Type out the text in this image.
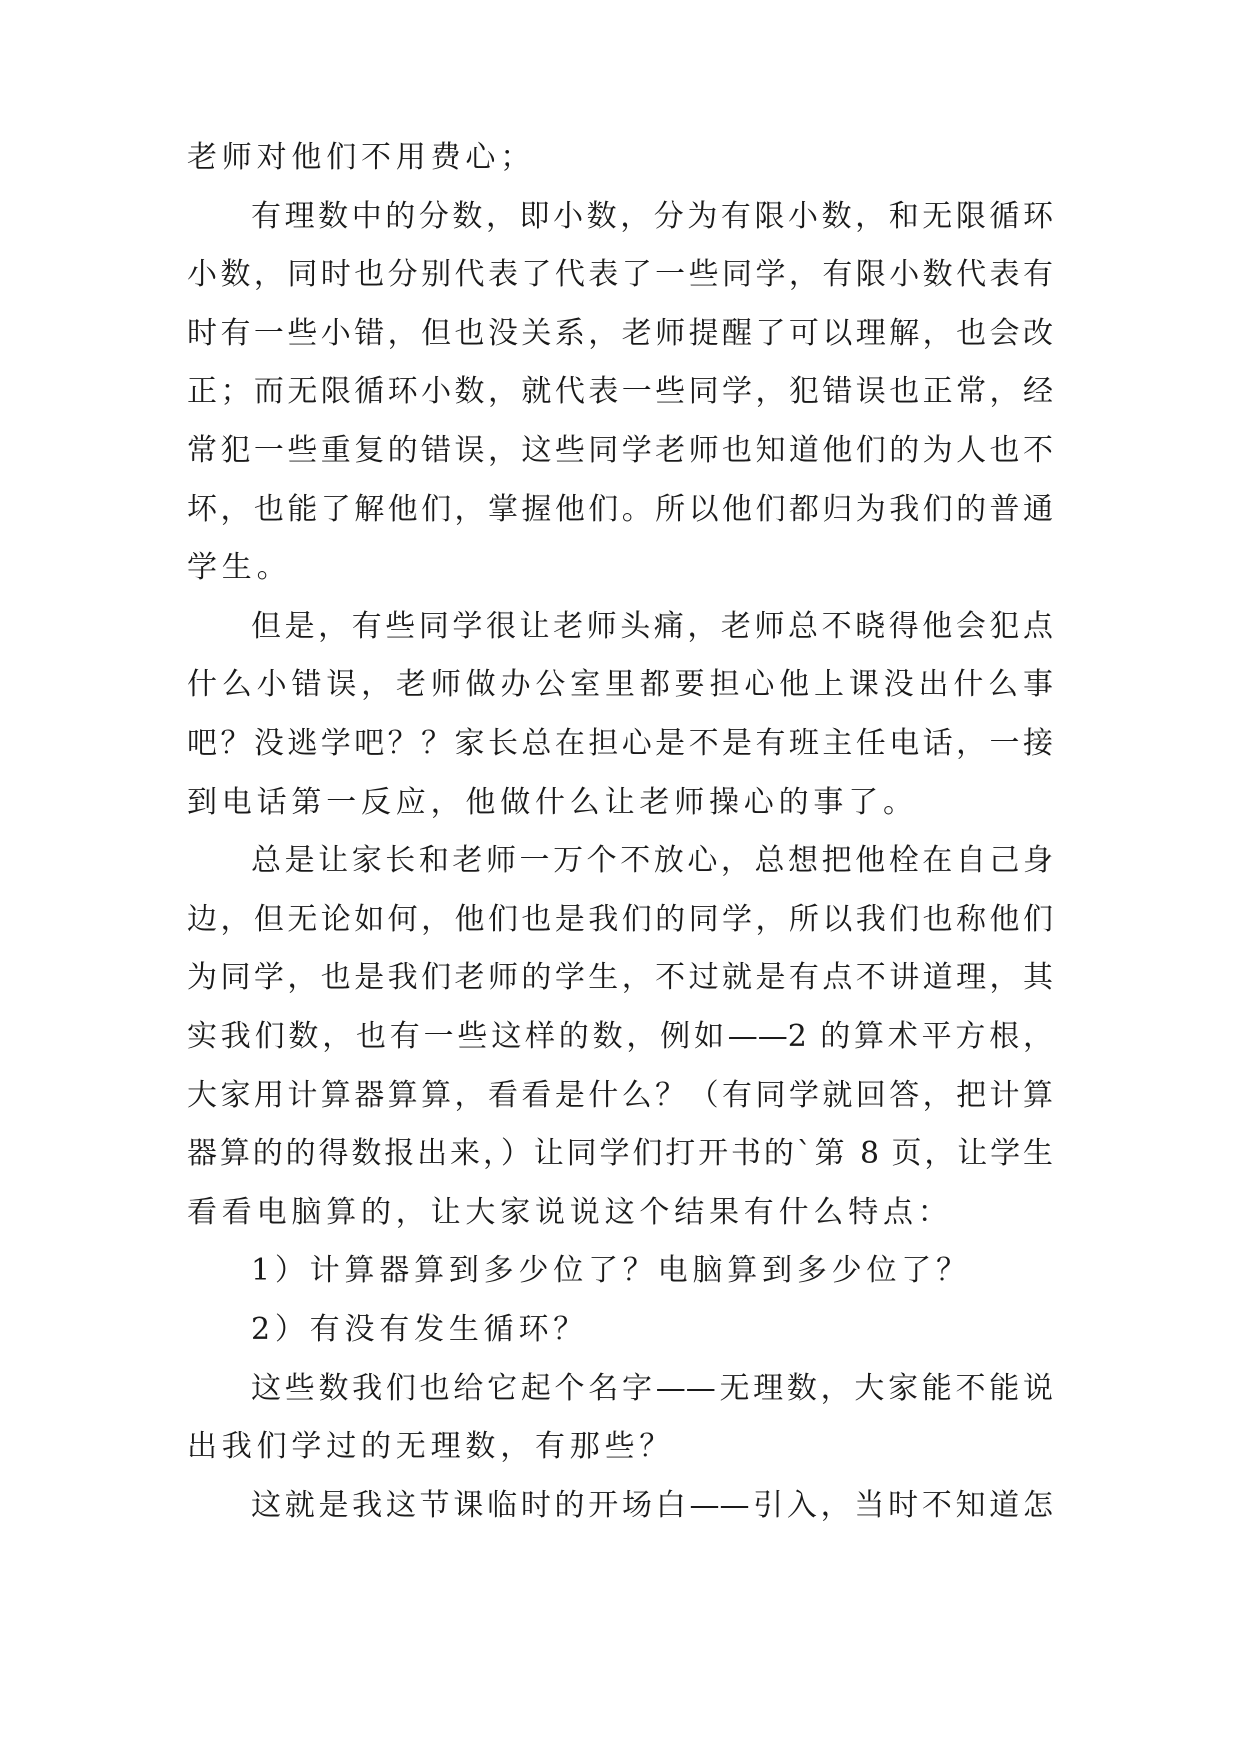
老师对他们不用费心；
有理数中的分数，即小数，分为有限小数，和无限循环
小数，同时也分别代表了代表了一些同学，有限小数代表有
时有一些小错，但也没关系，老师提醒了可以理解，也会改
正；而无限循环小数，就代表一些同学，犯错误也正常，经
常犯一些重复的错误，这些同学老师也知道他们的为人也不
坏，也能了解他们，掌握他们。所以他们都归为我们的普通
学生。
但是，有些同学很让老师头痛，老师总不晓得他会犯点
什么小错误，老师做办公室里都要担心他上课没出什么事
吧？没逃学吧？？家长总在担心是不是有班主任电话，一接
到电话第一反应，他做什么让老师操心的事了。
总是让家长和老师一万个不放心，总想把他栓在自己身
边，但无论如何，他们也是我们的同学，所以我们也称他们
为同学，也是我们老师的学生，不过就是有点不讲道理，其
实我们数，也有一些这样的数，例如——2 的算术平方根，
大家用计算器算算，看看是什么？（有同学就回答，把计算
器算的的得数报出来，）让同学们打开书的`第 8 页，让学生
看看电脑算的，让大家说说这个结果有什么特点：
1）计算器算到多少位了？电脑算到多少位了？
2）有没有发生循环？
这些数我们也给它起个名字——无理数，大家能不能说
出我们学过的无理数，有那些？
这就是我这节课临时的开场白——引入，当时不知道怎
